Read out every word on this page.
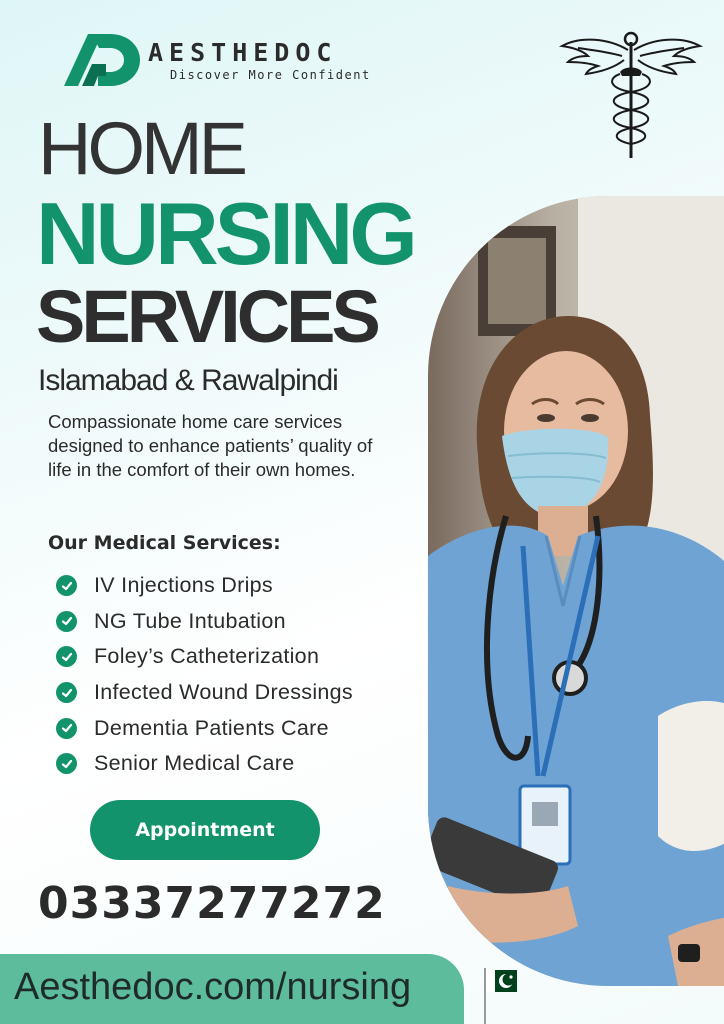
AESTHEDOC
Discover More Confident
HOME
NURSING
SERVICES
Islamabad & Rawalpindi
Compassionate home care services designed to enhance patients’ quality of life in the comfort of their own homes.
Our Medical Services:
IV Injections Drips
NG Tube Intubation
Foley’s Catheterization
Infected Wound Dressings
Dementia Patients Care
Senior Medical Care
Appointment
03337277272
Aesthedoc.com/nursing
